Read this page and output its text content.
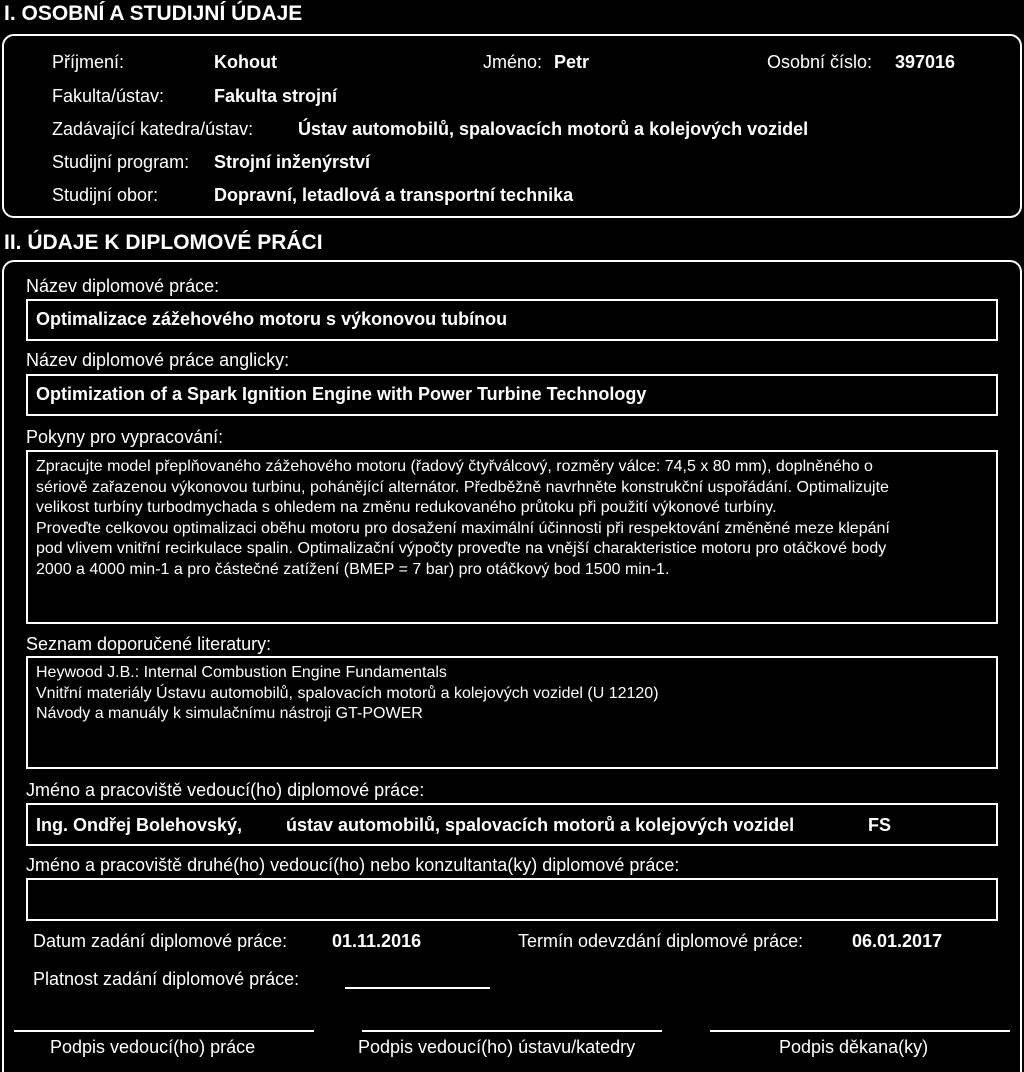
I. OSOBNÍ A STUDIJNÍ ÚDAJE
Příjmení:	Kohout	Jméno: Petr	Osobní číslo: 397016
Fakulta/ústav:	Fakulta strojní
Zadávající katedra/ústav: Ústav automobilů, spalovacích motorů a kolejových vozidel
Studijní program: Strojní inženýrství
Studijní obor:	Dopravní, letadlová a transportní technika
II. ÚDAJE K DIPLOMOVÉ PRÁCI
Název diplomové práce:
Optimalizace zážehového motoru s výkonovou tubínou
Název diplomové práce anglicky:
Optimization of a Spark Ignition Engine with Power Turbine Technology
Pokyny pro vypracování:
Zpracujte model přeplňovaného zážehového motoru (řadový čtyřválcový, rozměry válce: 74,5 x 80 mm), doplněného o
sériově zařazenou výkonovou turbinu, pohánějící alternátor. Předběžně navrhněte konstrukční uspořádání. Optimalizujte
velikost turbíny turbodmychada s ohledem na změnu redukovaného průtoku při použití výkonové turbíny.
Proveďte celkovou optimalizaci oběhu motoru pro dosažení maximální účinnosti při respektování změněné meze klepání
pod vlivem vnitřní recirkulace spalin. Optimalizační výpočty proveďte na vnější charakteristice motoru pro otáčkové body
2000 a 4000 min-1 a pro částečné zatížení (BMEP = 7 bar) pro otáčkový bod 1500 min-1.
Seznam doporučené literatury:
Heywood J.B.: Internal Combustion Engine Fundamentals
Vnitřní materiály Ústavu automobilů, spalovacích motorů a kolejových vozidel (U 12120)
Návody a manuály k simulačnímu nástroji GT-POWER
Jméno a pracoviště vedoucí(ho) diplomové práce:
Ing. Ondřej Bolehovský, ústav automobilů, spalovacích motorů a kolejových vozidel	FS
Jméno a pracoviště druhé(ho) vedoucí(ho) nebo konzultanta(ky) diplomové práce:
Datum zadání diplomové práce: 01.11.2016	Termín odevzdání diplomové práce:	06.01.2017
Platnost zadání diplomové práce:
Podpis vedoucí(ho) práce	Podpis vedoucí(ho) ústavu/katedry	Podpis děkana(ky)
